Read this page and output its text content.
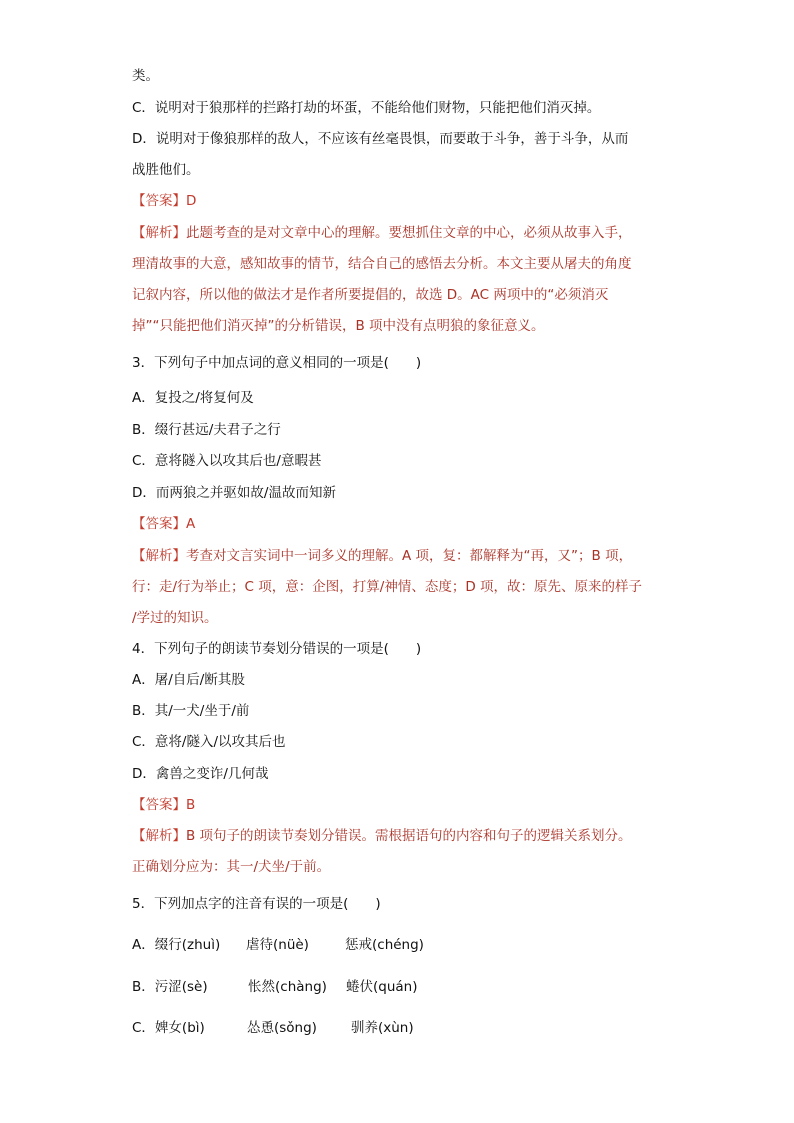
类。
C．说明对于狼那样的拦路打劫的坏蛋，不能给他们财物，只能把他们消灭掉。
D．说明对于像狼那样的敌人，不应该有丝毫畏惧，而要敢于斗争，善于斗争，从而
战胜他们。
【答案】D
【解析】此题考查的是对文章中心的理解。要想抓住文章的中心，必须从故事入手，
理清故事的大意，感知故事的情节，结合自己的感悟去分析。本文主要从屠夫的角度
记叙内容，所以他的做法才是作者所要提倡的，故选 D。AC 两项中的“必须消灭
掉”“只能把他们消灭掉”的分析错误，B 项中没有点明狼的象征意义。
3．下列句子中加点词的意义相同的一项是(　　)
A．复投之/将复何及
B．缀行甚远/夫君子之行
C．意将隧入以攻其后也/意暇甚
D．而两狼之并驱如故/温故而知新
【答案】A
【解析】考查对文言实词中一词多义的理解。A 项，复：都解释为“再，又”；B 项，
行：走/行为举止；C 项，意：企图，打算/神情、态度；D 项，故：原先、原来的样子
/学过的知识。
4．下列句子的朗读节奏划分错误的一项是(　　)
A．屠/自后/断其股
B．其/一犬/坐于/前
C．意将/隧入/以攻其后也
D．禽兽之变诈/几何哉
【答案】B
【解析】B 项句子的朗读节奏划分错误。需根据语句的内容和句子的逻辑关系划分。
正确划分应为：其一/犬坐/于前。
5．下列加点字的注音有误的一项是(　　)
A．缀行(zhuì) 虐待(nüè)	惩戒(chéng)
B．污涩(sè)	怅然(chàng) 蜷伏(quán)
C．婢女(bì)	怂恿(sǒng)	驯养(xùn)
